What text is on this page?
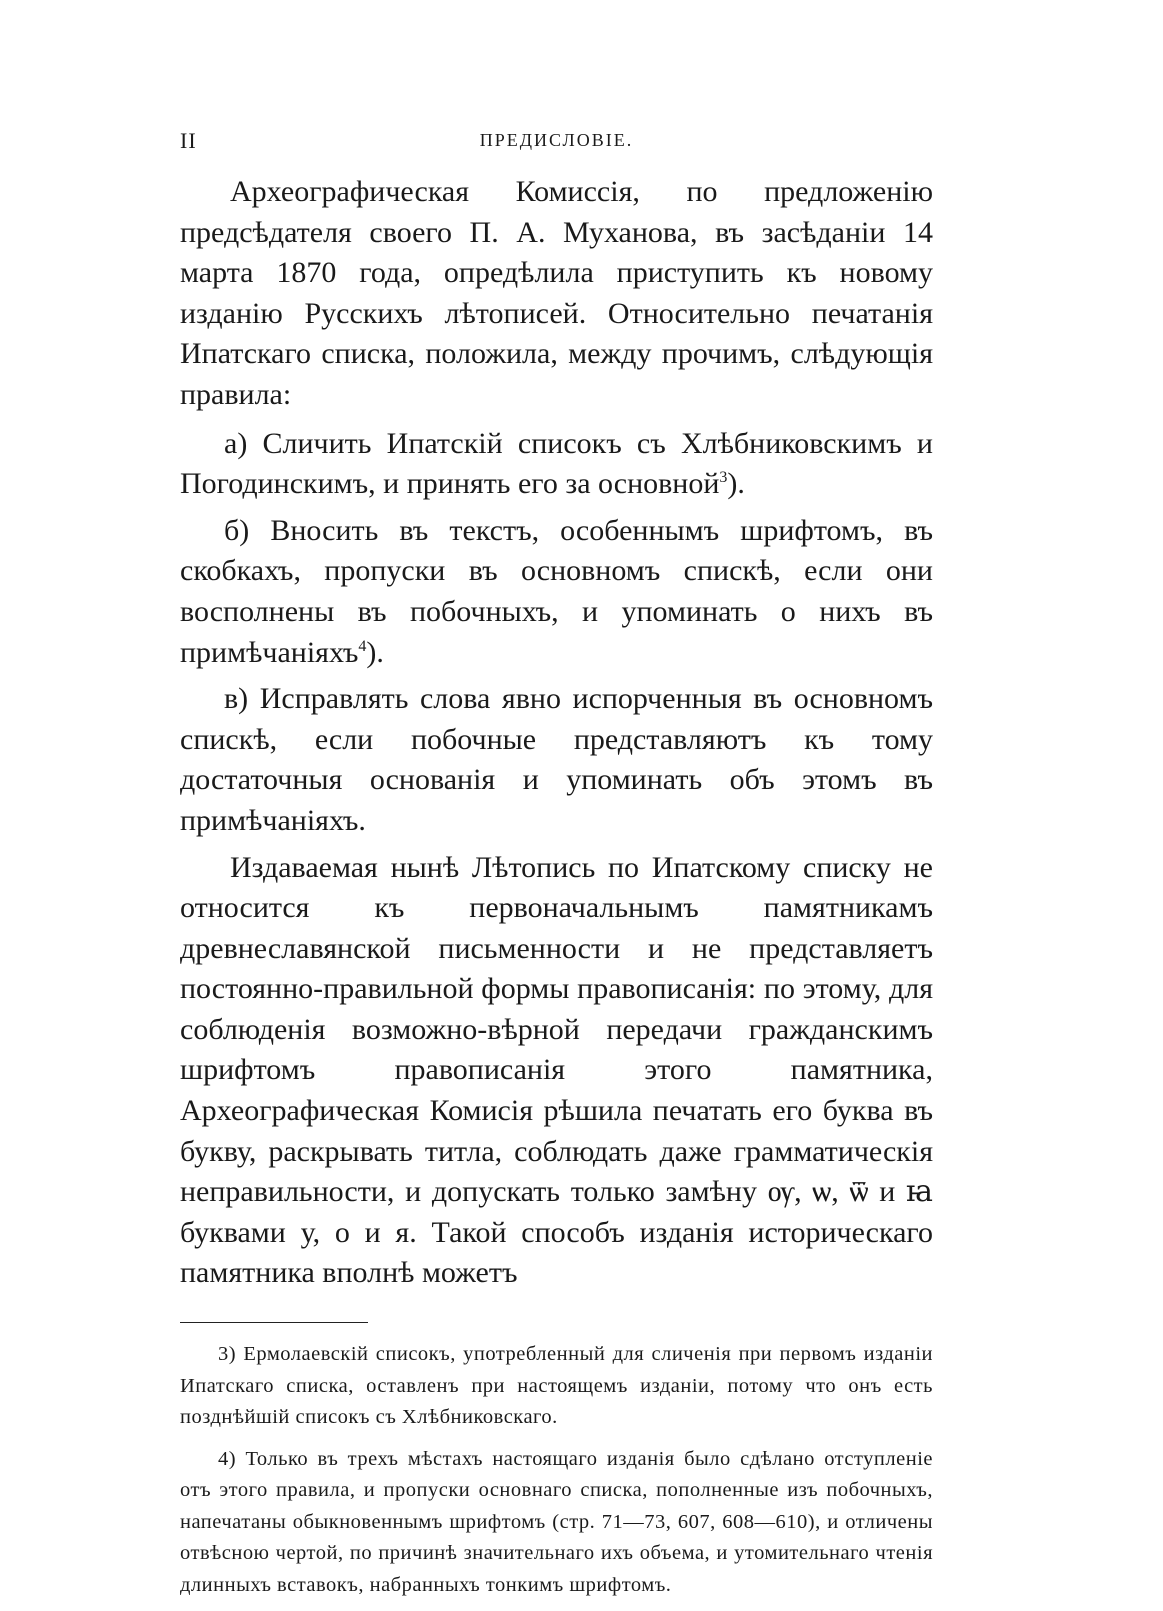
II	ПРЕДИСЛОВІЕ.

Археографическая Комиссія, по предложенію предсѣдателя своего П. А. Муханова, въ засѣданіи 14 марта 1870 года, опредѣлила приступить къ новому изданію Русскихъ лѣтописей. Относительно печатанія Ипатскаго списка, положила, между прочимъ, слѣдующія правила:

а) Сличить Ипатскій списокъ съ Хлѣбниковскимъ и Погодинскимъ, и принять его за основной$^3$).

б) Вносить въ текстъ, особеннымъ шрифтомъ, въ скобкахъ, пропуски въ основномъ спискѣ, если они восполнены въ побочныхъ, и упоминать о нихъ въ примѣчаніяхъ$^4$).

в) Исправлять слова явно испорченныя въ основномъ спискѣ, если побочные представляютъ къ тому достаточныя основанія и упоминать объ этомъ въ примѣчаніяхъ.

Издаваемая нынѣ Лѣтопись по Ипатскому списку не относится къ первоначальнымъ памятникамъ древнеславянской письменности и не представляетъ постоянно-правильной формы правописанія: по этому, для соблюденія возможно-вѣрной передачи гражданскимъ шрифтомъ правописанія этого памятника, Археографическая Комисія рѣшила печатать его буква въ букву, раскрывать титла, соблюдать даже грамматическія неправильности, и допускать только замѣну ѹ, ѡ, ѿ и ꙗ буквами у, о и я. Такой способъ изданія историческаго памятника вполнѣ можетъ

3) Ермолаевскій списокъ, употребленный для сличенія при первомъ изданіи Ипатскаго списка, оставленъ при настоящемъ изданіи, потому что онъ есть позднѣйшій списокъ съ Хлѣбниковскаго.

4) Только въ трехъ мѣстахъ настоящаго изданія было сдѣлано отступленіе отъ этого правила, и пропуски основнаго списка, пополненные изъ побочныхъ, напечатаны обыкновеннымъ шрифтомъ (стр. 71—73, 607, 608—610), и отличены отвѣсною чертой, по причинѣ значительнаго ихъ объема, и утомительнаго чтенія длинныхъ вставокъ, набранныхъ тонкимъ шрифтомъ.
